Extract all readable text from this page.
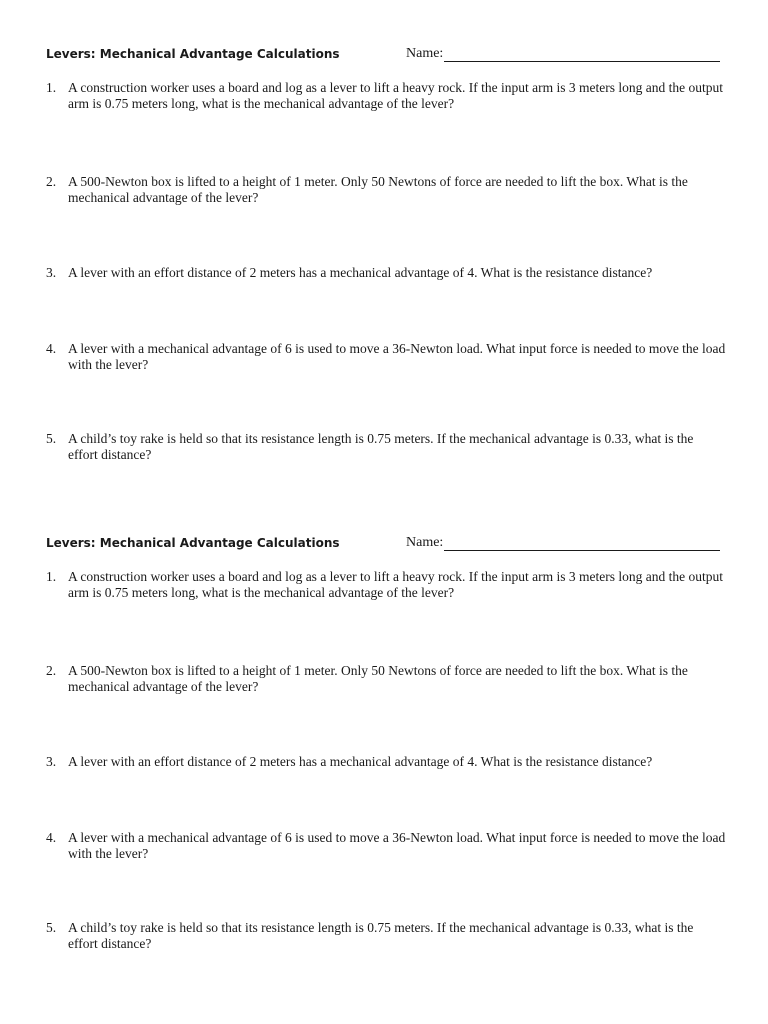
Levers: Mechanical Advantage Calculations	Name:
1. A construction worker uses a board and log as a lever to lift a heavy rock. If the input arm is 3 meters long and the output arm is 0.75 meters long, what is the mechanical advantage of the lever?
2. A 500-Newton box is lifted to a height of 1 meter. Only 50 Newtons of force are needed to lift the box. What is the mechanical advantage of the lever?
3. A lever with an effort distance of 2 meters has a mechanical advantage of 4. What is the resistance distance?
4. A lever with a mechanical advantage of 6 is used to move a 36-Newton load. What input force is needed to move the load with the lever?
5. A child’s toy rake is held so that its resistance length is 0.75 meters. If the mechanical advantage is 0.33, what is the effort distance?
Levers: Mechanical Advantage Calculations	Name:
1. A construction worker uses a board and log as a lever to lift a heavy rock. If the input arm is 3 meters long and the output arm is 0.75 meters long, what is the mechanical advantage of the lever?
2. A 500-Newton box is lifted to a height of 1 meter. Only 50 Newtons of force are needed to lift the box. What is the mechanical advantage of the lever?
3. A lever with an effort distance of 2 meters has a mechanical advantage of 4. What is the resistance distance?
4. A lever with a mechanical advantage of 6 is used to move a 36-Newton load. What input force is needed to move the load with the lever?
5. A child’s toy rake is held so that its resistance length is 0.75 meters. If the mechanical advantage is 0.33, what is the effort distance?
